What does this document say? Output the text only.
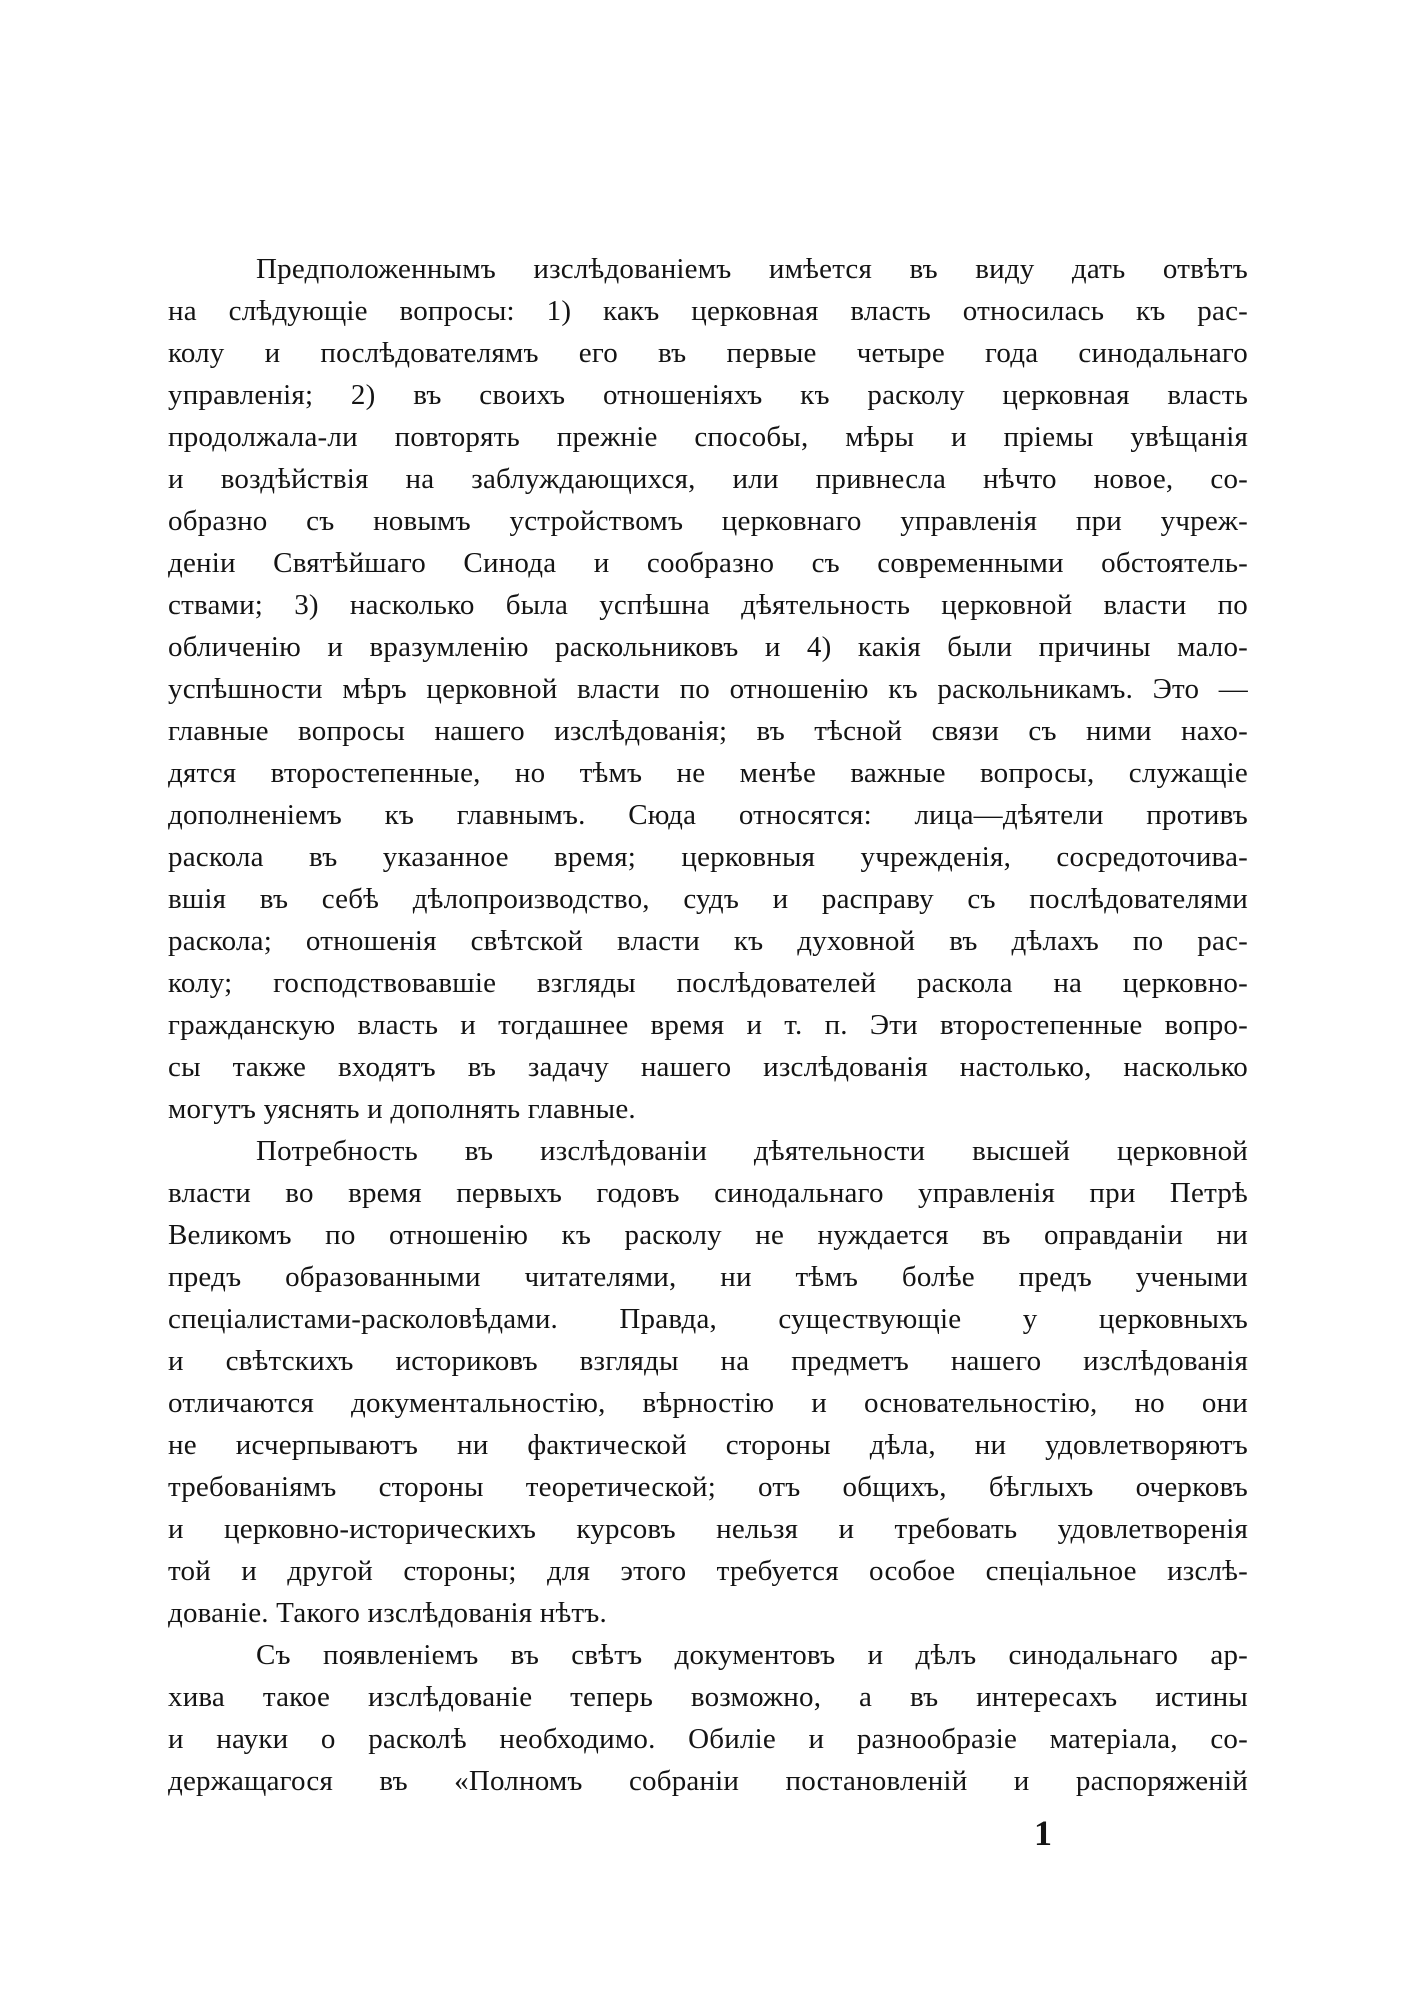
Предположеннымъ изслѣдованіемъ имѣется въ виду дать отвѣтъ
на слѣдующіе вопросы: 1) какъ церковная власть относилась къ рас-
колу и послѣдователямъ его въ первые четыре года синодальнаго
управленія; 2) въ своихъ отношеніяхъ къ расколу церковная власть
продолжала-ли повторять прежніе способы, мѣры и пріемы увѣщанія
и воздѣйствія на заблуждающихся, или привнесла нѣчто новое, со-
образно съ новымъ устройствомъ церковнаго управленія при учреж-
деніи Святѣйшаго Синода и сообразно съ современными обстоятель-
ствами; 3) насколько была успѣшна дѣятельность церковной власти по
обличенію и вразумленію раскольниковъ и 4) какія были причины мало-
успѣшности мѣръ церковной власти по отношенію къ раскольникамъ. Это —
главные вопросы нашего изслѣдованія; въ тѣсной связи съ ними нахо-
дятся второстепенные, но тѣмъ не менѣе важные вопросы, служащіе
дополненіемъ къ главнымъ. Сюда относятся: лица—дѣятели противъ
раскола въ указанное время; церковныя учрежденія, сосредоточива-
вшія въ себѣ дѣлопроизводство, судъ и расправу съ послѣдователями
раскола; отношенія свѣтской власти къ духовной въ дѣлахъ по рас-
колу; господствовавшіе взгляды послѣдователей раскола на церковно-
гражданскую власть и тогдашнее время и т. п. Эти второстепенные вопро-
сы также входятъ въ задачу нашего изслѣдованія настолько, насколько
могутъ уяснять и дополнять главные.
Потребность въ изслѣдованіи дѣятельности высшей церковной
власти во время первыхъ годовъ синодальнаго управленія при Петрѣ
Великомъ по отношенію къ расколу не нуждается въ оправданіи ни
предъ образованными читателями, ни тѣмъ болѣе предъ учеными
спеціалистами-расколовѣдами. Правда, существующіе у церковныхъ
и свѣтскихъ историковъ взгляды на предметъ нашего изслѣдованія
отличаются документальностію, вѣрностію и основательностію, но они
не исчерпываютъ ни фактической стороны дѣла, ни удовлетворяютъ
требованіямъ стороны теоретической; отъ общихъ, бѣглыхъ очерковъ
и церковно-историческихъ курсовъ нельзя и требовать удовлетворенія
той и другой стороны; для этого требуется особое спеціальное изслѣ-
дованіе. Такого изслѣдованія нѣтъ.
Съ появленіемъ въ свѣтъ документовъ и дѣлъ синодальнаго ар-
хива такое изслѣдованіе теперь возможно, а въ интересахъ истины
и науки о расколѣ необходимо. Обиліе и разнообразіе матеріала, со-
держащагося въ «Полномъ собраніи постановленій и распоряженій
1
